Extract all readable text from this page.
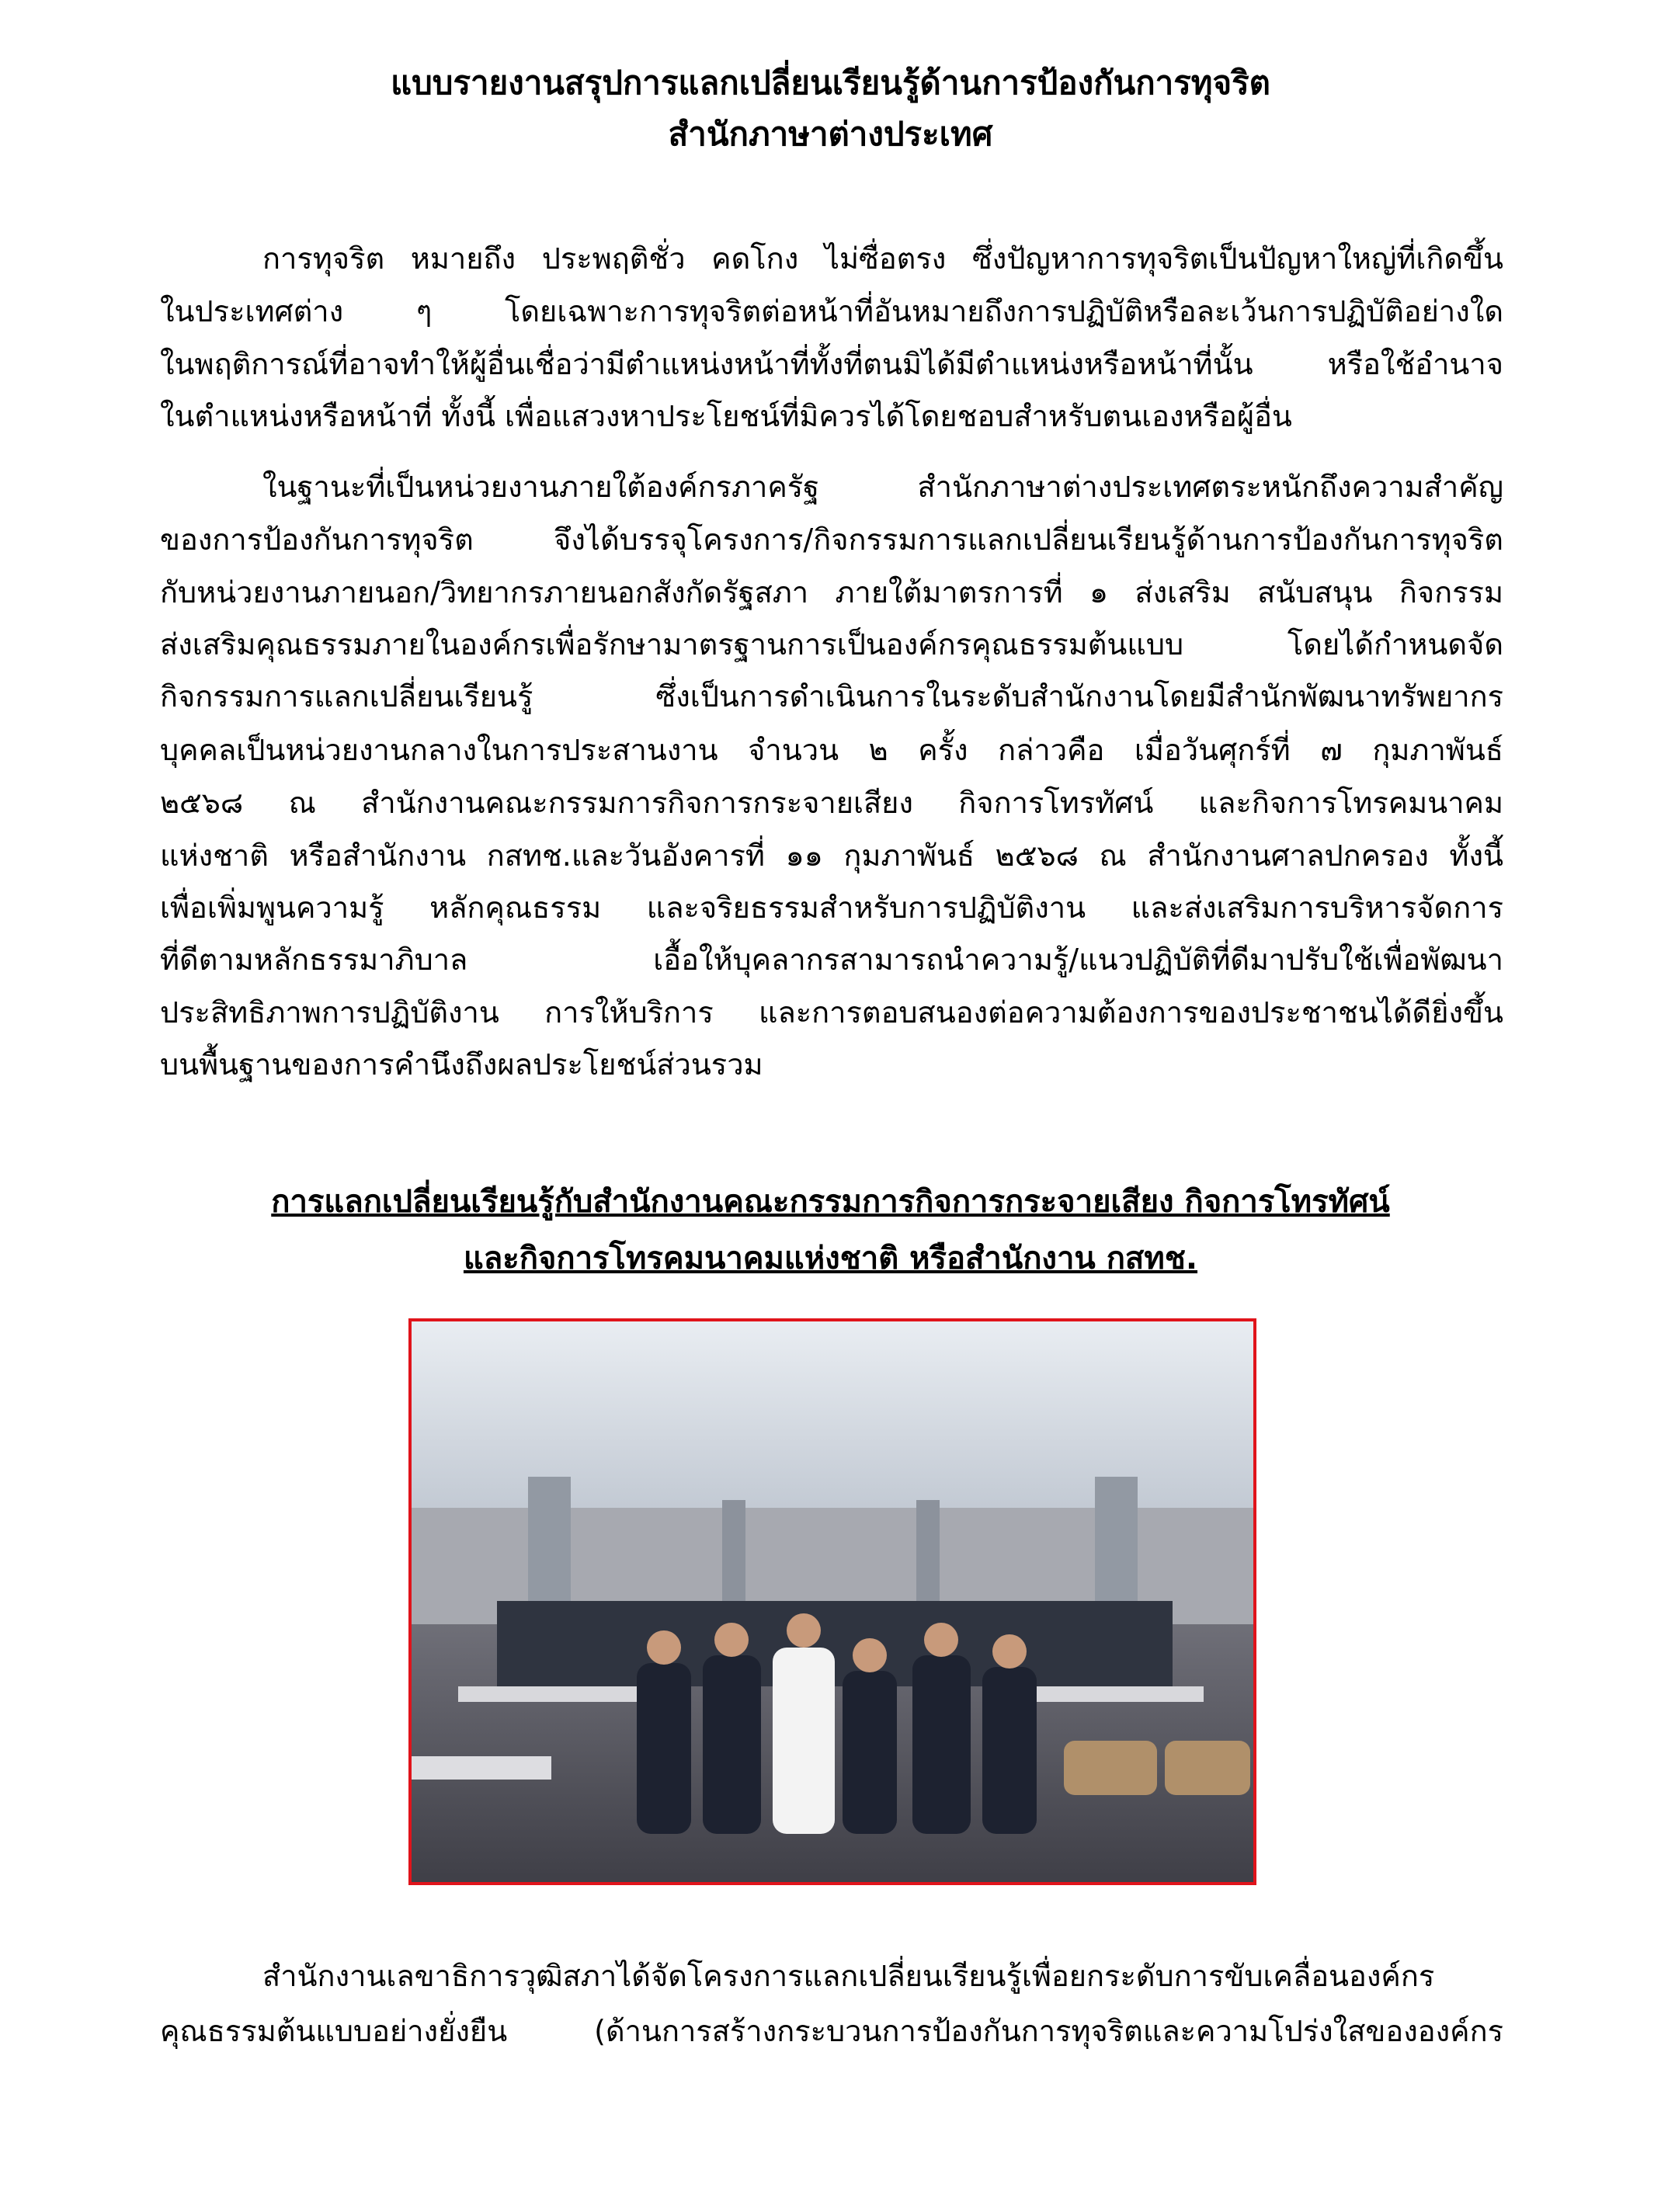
แบบรายงานสรุปการแลกเปลี่ยนเรียนรู้ด้านการป้องกันการทุจริต
สำนักภาษาต่างประเทศ
การทุจริต หมายถึง ประพฤติชั่ว คดโกง ไม่ซื่อตรง ซึ่งปัญหาการทุจริตเป็นปัญหาใหญ่ที่เกิดขึ้น
ในประเทศต่าง ๆ โดยเฉพาะการทุจริตต่อหน้าที่อันหมายถึงการปฏิบัติหรือละเว้นการปฏิบัติอย่างใด
ในพฤติการณ์ที่อาจทำให้ผู้อื่นเชื่อว่ามีตำแหน่งหน้าที่ทั้งที่ตนมิได้มีตำแหน่งหรือหน้าที่นั้น หรือใช้อำนาจ
ในตำแหน่งหรือหน้าที่ ทั้งนี้ เพื่อแสวงหาประโยชน์ที่มิควรได้โดยชอบสำหรับตนเองหรือผู้อื่น
ในฐานะที่เป็นหน่วยงานภายใต้องค์กรภาครัฐ สำนักภาษาต่างประเทศตระหนักถึงความสำคัญ
ของการป้องกันการทุจริต จึงได้บรรจุโครงการ/กิจกรรมการแลกเปลี่ยนเรียนรู้ด้านการป้องกันการทุจริต
กับหน่วยงานภายนอก/วิทยากรภายนอกสังกัดรัฐสภา ภายใต้มาตรการที่ ๑ ส่งเสริม สนับสนุน กิจกรรม
ส่งเสริมคุณธรรมภายในองค์กรเพื่อรักษามาตรฐานการเป็นองค์กรคุณธรรมต้นแบบ โดยได้กำหนดจัด
กิจกรรมการแลกเปลี่ยนเรียนรู้ ซึ่งเป็นการดำเนินการในระดับสำนักงานโดยมีสำนักพัฒนาทรัพยากร
บุคคลเป็นหน่วยงานกลางในการประสานงาน จำนวน ๒ ครั้ง กล่าวคือ เมื่อวันศุกร์ที่ ๗ กุมภาพันธ์
๒๕๖๘ ณ สำนักงานคณะกรรมการกิจการกระจายเสียง กิจการโทรทัศน์ และกิจการโทรคมนาคม
แห่งชาติ หรือสำนักงาน กสทช.และวันอังคารที่ ๑๑ กุมภาพันธ์ ๒๕๖๘ ณ สำนักงานศาลปกครอง ทั้งนี้
เพื่อเพิ่มพูนความรู้ หลักคุณธรรม และจริยธรรมสำหรับการปฏิบัติงาน และส่งเสริมการบริหารจัดการ
ที่ดีตามหลักธรรมาภิบาล เอื้อให้บุคลากรสามารถนำความรู้/แนวปฏิบัติที่ดีมาปรับใช้เพื่อพัฒนา
ประสิทธิภาพการปฏิบัติงาน การให้บริการ และการตอบสนองต่อความต้องการของประชาชนได้ดียิ่งขึ้น
บนพื้นฐานของการคำนึงถึงผลประโยชน์ส่วนรวม
การแลกเปลี่ยนเรียนรู้กับสำนักงานคณะกรรมการกิจการกระจายเสียง กิจการโทรทัศน์
และกิจการโทรคมนาคมแห่งชาติ หรือสำนักงาน กสทช.
สำนักงานเลขาธิการวุฒิสภาได้จัดโครงการแลกเปลี่ยนเรียนรู้เพื่อยกระดับการขับเคลื่อนองค์กร
คุณธรรมต้นแบบอย่างยั่งยืน (ด้านการสร้างกระบวนการป้องกันการทุจริตและความโปร่งใสขององค์กร
